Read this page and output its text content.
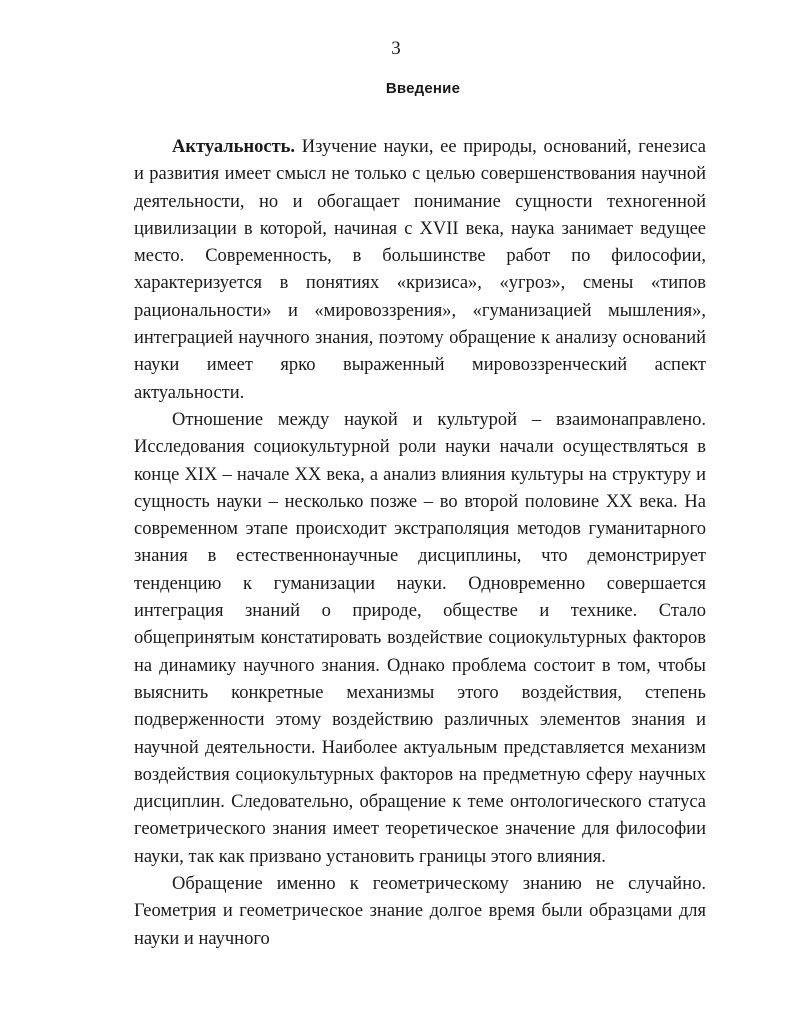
3
Введение

Актуальность. Изучение науки, ее природы, оснований, генезиса и развития имеет смысл не только с целью совершенствования научной деятельности, но и обогащает понимание сущности техногенной цивилизации в которой, начиная с XVII века, наука занимает ведущее место. Современность, в большинстве работ по философии, характеризуется в понятиях «кризиса», «угроз», смены «типов рациональности» и «мировоззрения», «гуманизацией мышления», интеграцией научного знания, поэтому обращение к анализу оснований науки имеет ярко выраженный мировоззренческий аспект актуальности.

Отношение между наукой и культурой – взаимонаправлено. Исследования социокультурной роли науки начали осуществляться в конце XIX – начале XX века, а анализ влияния культуры на структуру и сущность науки – несколько позже – во второй половине XX века. На современном этапе происходит экстраполяция методов гуманитарного знания в естественнонаучные дисциплины, что демонстрирует тенденцию к гуманизации науки. Одновременно совершается интеграция знаний о природе, обществе и технике. Стало общепринятым констатировать воздействие социокультурных факторов на динамику научного знания. Однако проблема состоит в том, чтобы выяснить конкретные механизмы этого воздействия, степень подверженности этому воздействию различных элементов знания и научной деятельности. Наиболее актуальным представляется механизм воздействия социокультурных факторов на предметную сферу научных дисциплин. Следовательно, обращение к теме онтологического статуса геометрического знания имеет теоретическое значение для философии науки, так как призвано установить границы этого влияния.

Обращение именно к геометрическому знанию не случайно. Геометрия и геометрическое знание долгое время были образцами для науки и научного
